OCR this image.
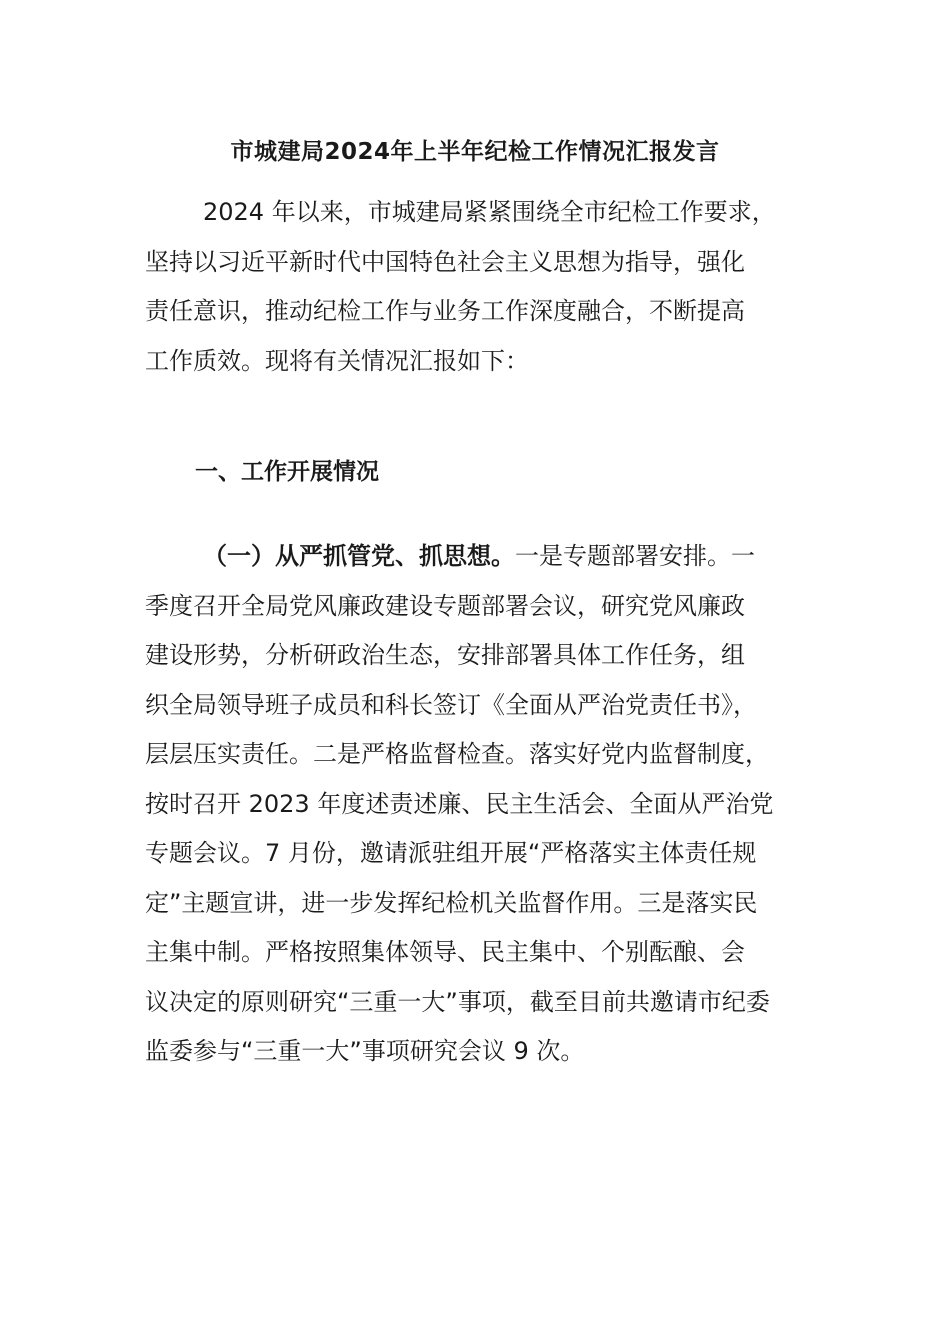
市城建局2024年上半年纪检工作情况汇报发言
2024 年以来，市城建局紧紧围绕全市纪检工作要求，
坚持以习近平新时代中国特色社会主义思想为指导，强化
责任意识，推动纪检工作与业务工作深度融合，不断提高
工作质效。现将有关情况汇报如下：
一、工作开展情况
（一）从严抓管党、抓思想。一是专题部署安排。一
季度召开全局党风廉政建设专题部署会议，研究党风廉政
建设形势，分析研政治生态，安排部署具体工作任务，组
织全局领导班子成员和科长签订《全面从严治党责任书》，
层层压实责任。二是严格监督检查。落实好党内监督制度，
按时召开 2023 年度述责述廉、民主生活会、全面从严治党
专题会议。7 月份，邀请派驻组开展“严格落实主体责任规
定”主题宣讲，进一步发挥纪检机关监督作用。三是落实民
主集中制。严格按照集体领导、民主集中、个别酝酿、会
议决定的原则研究“三重一大”事项，截至目前共邀请市纪委
监委参与“三重一大”事项研究会议 9 次。
